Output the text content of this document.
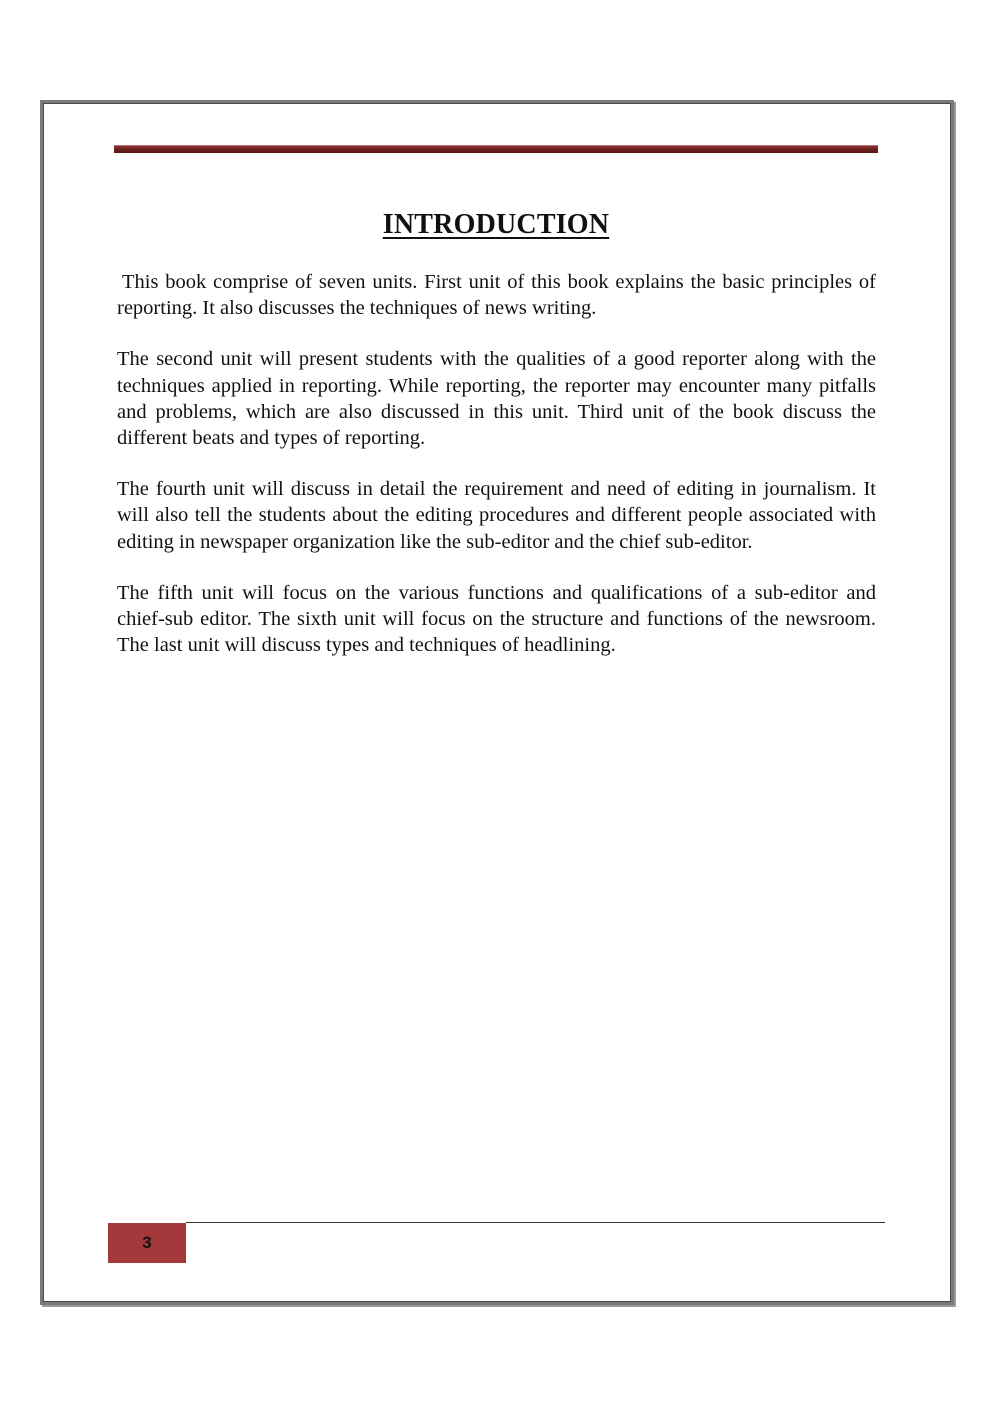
INTRODUCTION

This book comprise of seven units. First unit of this book explains the basic principles of reporting. It also discusses the techniques of news writing.

The second unit will present students with the qualities of a good reporter along with the techniques applied in reporting. While reporting, the reporter may encounter many pitfalls and problems, which are also discussed in this unit. Third unit of the book discuss the different beats and types of reporting.

The fourth unit will discuss in detail the requirement and need of editing in journalism. It will also tell the students about the editing procedures and different people associated with editing in newspaper organization like the sub-editor and the chief sub-editor.

The fifth unit will focus on the various functions and qualifications of a sub-editor and chief-sub editor. The sixth unit will focus on the structure and functions of the newsroom. The last unit will discuss types and techniques of headlining.

3
